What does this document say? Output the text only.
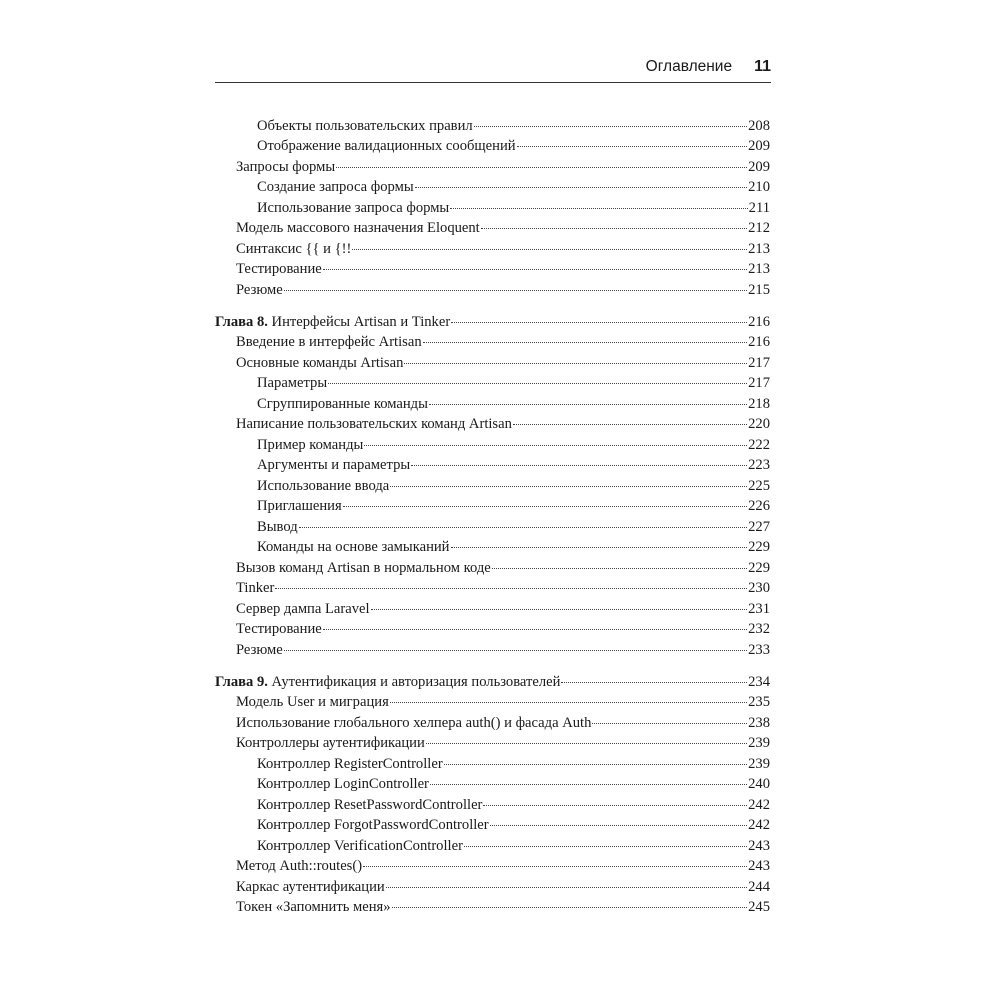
Оглавление 11
Объекты пользовательских правил	208
Отображение валидационных сообщений	209
Запросы формы	209
Создание запроса формы	210
Использование запроса формы	211
Модель массового назначения Eloquent	212
Синтаксис {{ и {!!	213
Тестирование	213
Резюме	215
Глава 8. Интерфейсы Artisan и Tinker	216
Введение в интерфейс Artisan	216
Основные команды Artisan	217
Параметры	217
Сгруппированные команды	218
Написание пользовательских команд Artisan	220
Пример команды	222
Аргументы и параметры	223
Использование ввода	225
Приглашения	226
Вывод	227
Команды на основе замыканий	229
Вызов команд Artisan в нормальном коде	229
Tinker	230
Сервер дампа Laravel	231
Тестирование	232
Резюме	233
Глава 9. Аутентификация и авторизация пользователей	234
Модель User и миграция	235
Использование глобального хелпера auth() и фасада Auth	238
Контроллеры аутентификации	239
Контроллер RegisterController	239
Контроллер LoginController	240
Контроллер ResetPasswordController	242
Контроллер ForgotPasswordController	242
Контроллер VerificationController	243
Метод Auth::routes()	243
Каркас аутентификации	244
Токен «Запомнить меня»	245
